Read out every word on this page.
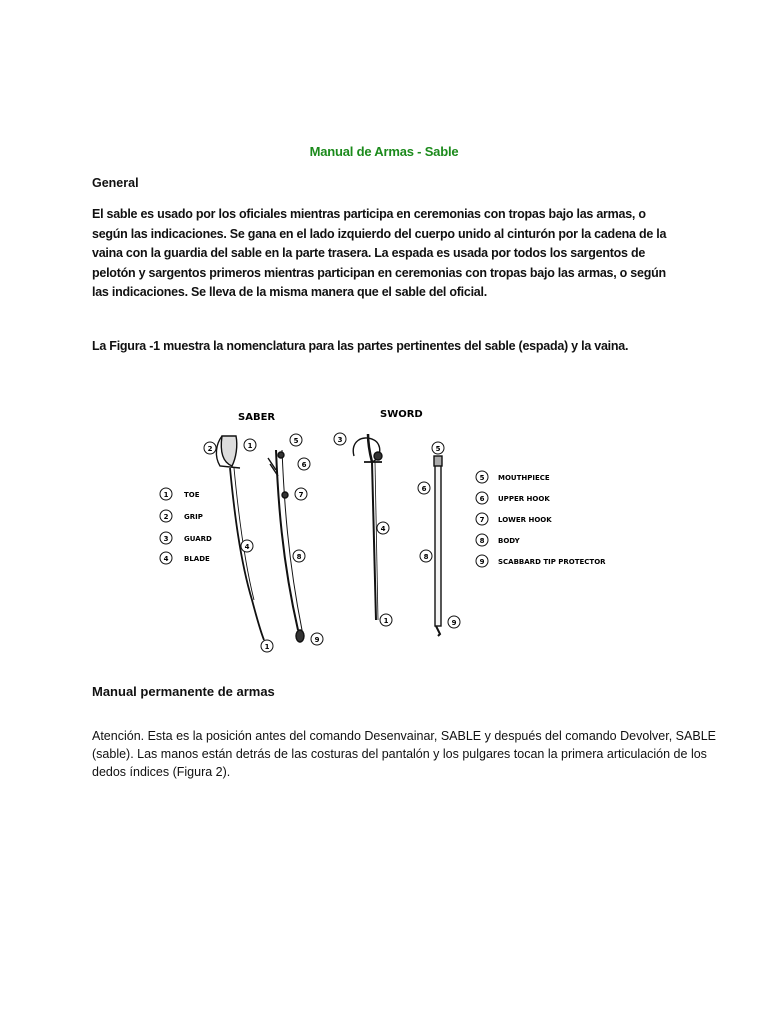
Manual de Armas - Sable
General
El sable es usado por los oficiales mientras participa en ceremonias con tropas bajo las armas, o según las indicaciones. Se gana en el lado izquierdo del cuerpo unido al cinturón por la cadena de la vaina con la guardia del sable en la parte trasera. La espada es usada por todos los sargentos de pelotón y sargentos primeros mientras participan en ceremonias con tropas bajo las armas, o según las indicaciones. Se lleva de la misma manera que el sable del oficial.
La Figura -1 muestra la nomenclatura para las partes pertinentes del sable (espada) y la vaina.
SABER	SWORD
2	1
4
1
5
6
7
8
9
3
4
1
5
6
8
9
1 TOE
2 GRIP
3 GUARD
4 BLADE
5 MOUTHPIECE
6 UPPER HOOK
7 LOWER HOOK
8 BODY
9 SCABBARD TIP PROTECTOR
Manual permanente de armas
Atención. Esta es la posición antes del comando Desenvainar, SABLE y después del comando Devolver, SABLE (sable). Las manos están detrás de las costuras del pantalón y los pulgares tocan la primera articulación de los dedos índices (Figura 2).
